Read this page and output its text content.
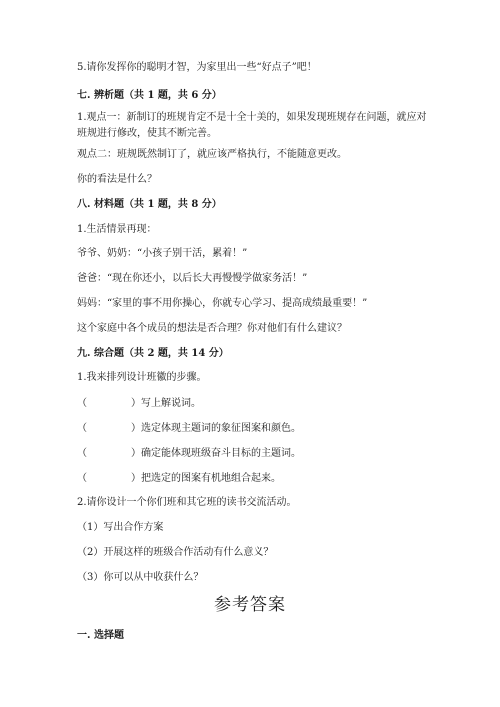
5.请你发挥你的聪明才智，为家里出一些“好点子”吧！
七. 辨析题（共 1 题，共 6 分）
1.观点一：新制订的班规肯定不是十全十美的，如果发现班规存在问题，就应对班规进行修改，使其不断完善。
观点二：班规既然制订了，就应该严格执行，不能随意更改。
你的看法是什么？
八. 材料题（共 1 题，共 8 分）
1.生活情景再现：
爷爷、奶奶：“小孩子别干活，累着！”
爸爸：“现在你还小，以后长大再慢慢学做家务活！”
妈妈：“家里的事不用你操心，你就专心学习、提高成绩最重要！”
这个家庭中各个成员的想法是否合理？你对他们有什么建议？
九. 综合题（共 2 题，共 14 分）
1.我来排列设计班徽的步骤。
（	）写上解说词。
（	）选定体现主题词的象征图案和颜色。
（	）确定能体现班级奋斗目标的主题词。
（	）把选定的图案有机地组合起来。
2.请你设计一个你们班和其它班的读书交流活动。
（1）写出合作方案
（2）开展这样的班级合作活动有什么意义？
（3）你可以从中收获什么？
参考答案
一. 选择题
